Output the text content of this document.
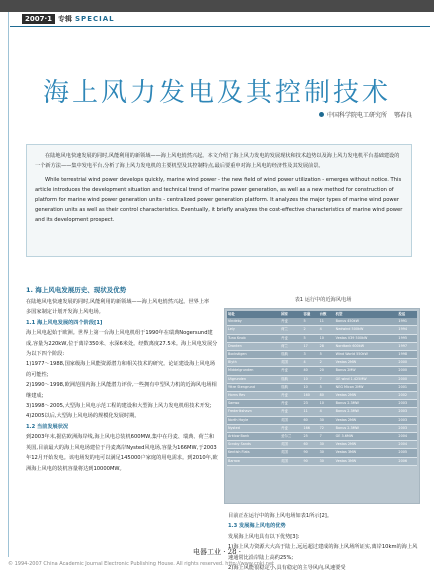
2007·1 专辑 SPECIAL
海上风力发电及其控制技术
中国科学院电工研究所 鄂春良

在陆地风电快速发展的同时,风能利用的新领域——海上风电悄然兴起。本文介绍了海上风力发电的发展现状和技术趋势以及海上风力发电机平台基础建设的一个新方法——集中发电平台,分析了海上风力发电机的主要机型及其控制特点,最后要重申对海上风电的经济性及其发展前景。

While terrestrial wind power develops quickly, marine wind power - the new field of wind power utilization - emerges without notice. This article introduces the development situation and technical trend of marine power generation, as well as a new method for construction of platform for marine wind power generation units - centralized power generation platform. It analyzes the major types of marine wind power generation units as well as their control characteristics. Eventually, it briefly analyzes the cost-effective characteristics of marine wind power and its development prospect.

1. 海上风电发展历史、现状及优势

在陆地风电快速发展的同时,风能利用的新领域——海上风电悄然兴起。世界上率

多国家制定计划开发海上风电场。

1.1 海上风电发展的四个阶段[1]

海上风电起始于欧洲。世界上第一台海上风电机组于1990年在瑞典Nogersund建成,容量为220kW,位于离岸350米、水深6米处。经数离度27.5米。海上风电发展分为以下四个阶段:

1)1977～1988,国家级海上风能资源潜力和相关技术的研究。论证建设海上风电场的可能性;

2)1990～1998,欧洲范围内海上风能潜力评价,一些拥有中型风力机的近海风电场相继建成;

3)1998～2005,大型海上风电示范工程的建设和大型海上风力发电机组技术开发;

4)2005以后,大型海上风电场的规模化发展时期。

1.2 当前发展状况

到2003年末,据估欧洲海岸线,海上风电总装机600MW,集中在丹麦、瑞典、荷兰和英国,目前最大的海上风电场建位于丹麦离岸Nysted风电场,容量为166MW,于2003年12月开始发电。该电场发的电可以满足145000户家庭的用电需求。到2010年,欧洲海上风电的装机容量将达到10000MW。

表1 运行中的近海风电场
场址	国家	容量	台数	机型	投运
Vindeby	丹麦	5	11	Bonus 450kW	1991
Lely	荷兰	2	4	Nedwind 500kW	1994
Tuno Knob	丹麦	5	10	Vestas V39 500kW	1995
Dronten	荷兰	17	28	Nordtank 600kW	1997
Bockstigen	瑞典	3	5	Wind World 550kW	1998
Blyth	英国	4	2	Vestas 2MW	2000
Middelgrunden	丹麦	40	20	Bonus 2MW	2000
Utgrunden	瑞典	10	7	GE wind 1.425MW	2000
Yttre Stengrund	瑞典	10	5	NEG Micon 2MW	2001
Horns Rev	丹麦	160	80	Vestas 2MW	2002
Samso	丹麦	23	10	Bonus 2.3MW	2003
Frederikshavn	丹麦	11	4	Bonus 2.3MW	2003
North Hoyle	英国	60	30	Vestas 2MW	2003
Nysted	丹麦	166	72	Bonus 2.3MW	2003
Arklow Bank	爱尔兰	25	7	GE 3.6MW	2004
Scroby Sands	英国	60	30	Vestas 2MW	2004
Kentish Flats	英国	90	30	Vestas 3MW	2005
Barrow	英国	90	30	Vestas 3MW	2006

目前正在运行中的海上风电场如表1所示[2]。

1.3 发展海上风电的优势

发展海上风电具有以下优势[3]:

1)海上风力资源大大高于陆上,远远超过建成的海上风场所证实,离岸10km的海上风速通常比沿岸陆上高约25%;

2)海上风能很稳定小,具有稳定的主导风向,风速要受

电器工业 · 28 ·
© 1994-2007 China Academic Journal Electronic Publishing House. All rights reserved. http://www.cnki.net
